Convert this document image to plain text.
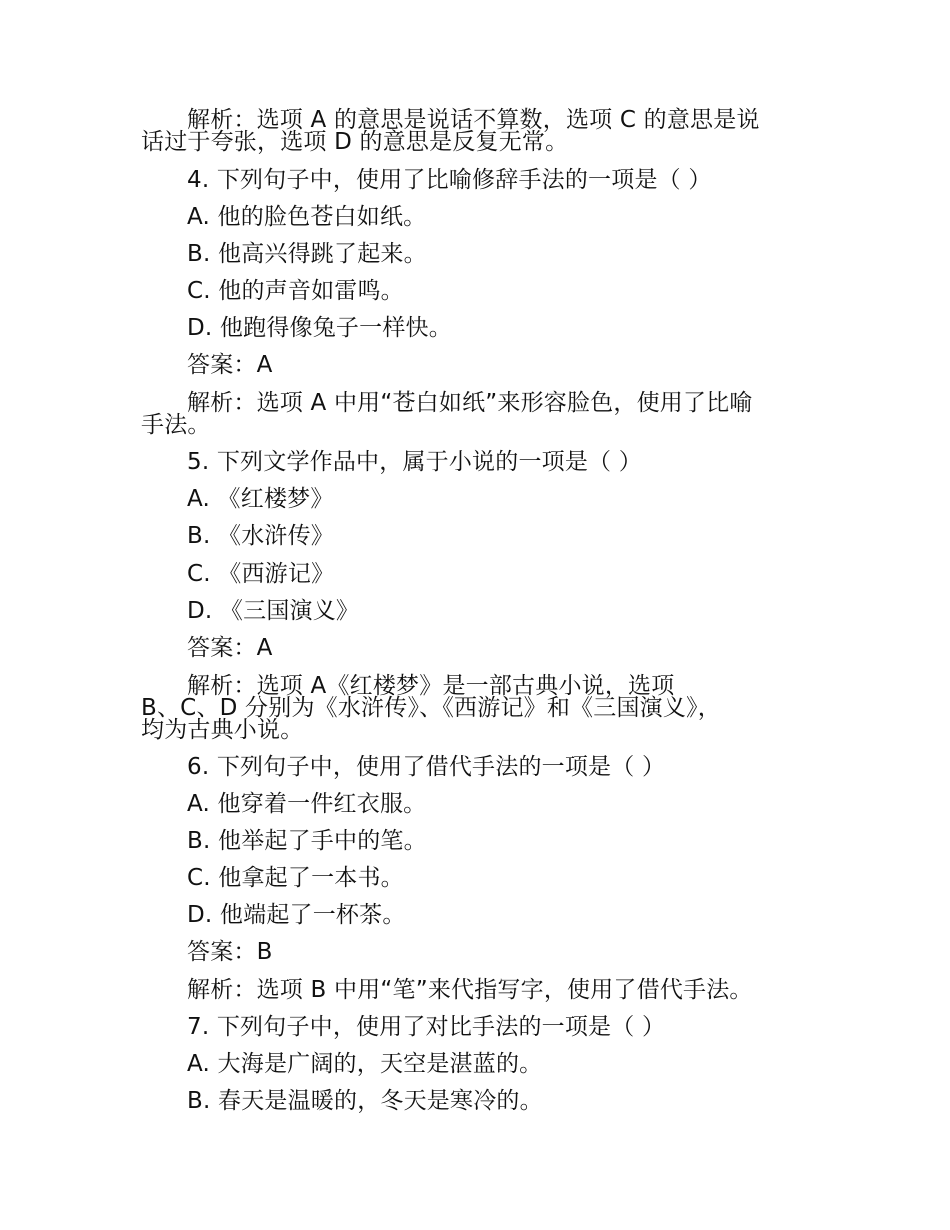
解析：选项 A 的意思是说话不算数，选项 C 的意思是说
话过于夸张，选项 D 的意思是反复无常。
4. 下列句子中，使用了比喻修辞手法的一项是（ ）
A. 他的脸色苍白如纸。
B. 他高兴得跳了起来。
C. 他的声音如雷鸣。
D. 他跑得像兔子一样快。
答案：A
解析：选项 A 中用“苍白如纸”来形容脸色，使用了比喻
手法。
5. 下列文学作品中，属于小说的一项是（ ）
A. 《红楼梦》
B. 《水浒传》
C. 《西游记》
D. 《三国演义》
答案：A
解析：选项 A《红楼梦》是一部古典小说，选项
B、C、D 分别为《水浒传》、《西游记》和《三国演义》，
均为古典小说。
6. 下列句子中，使用了借代手法的一项是（ ）
A. 他穿着一件红衣服。
B. 他举起了手中的笔。
C. 他拿起了一本书。
D. 他端起了一杯茶。
答案：B
解析：选项 B 中用“笔”来代指写字，使用了借代手法。
7. 下列句子中，使用了对比手法的一项是（ ）
A. 大海是广阔的，天空是湛蓝的。
B. 春天是温暖的，冬天是寒冷的。
